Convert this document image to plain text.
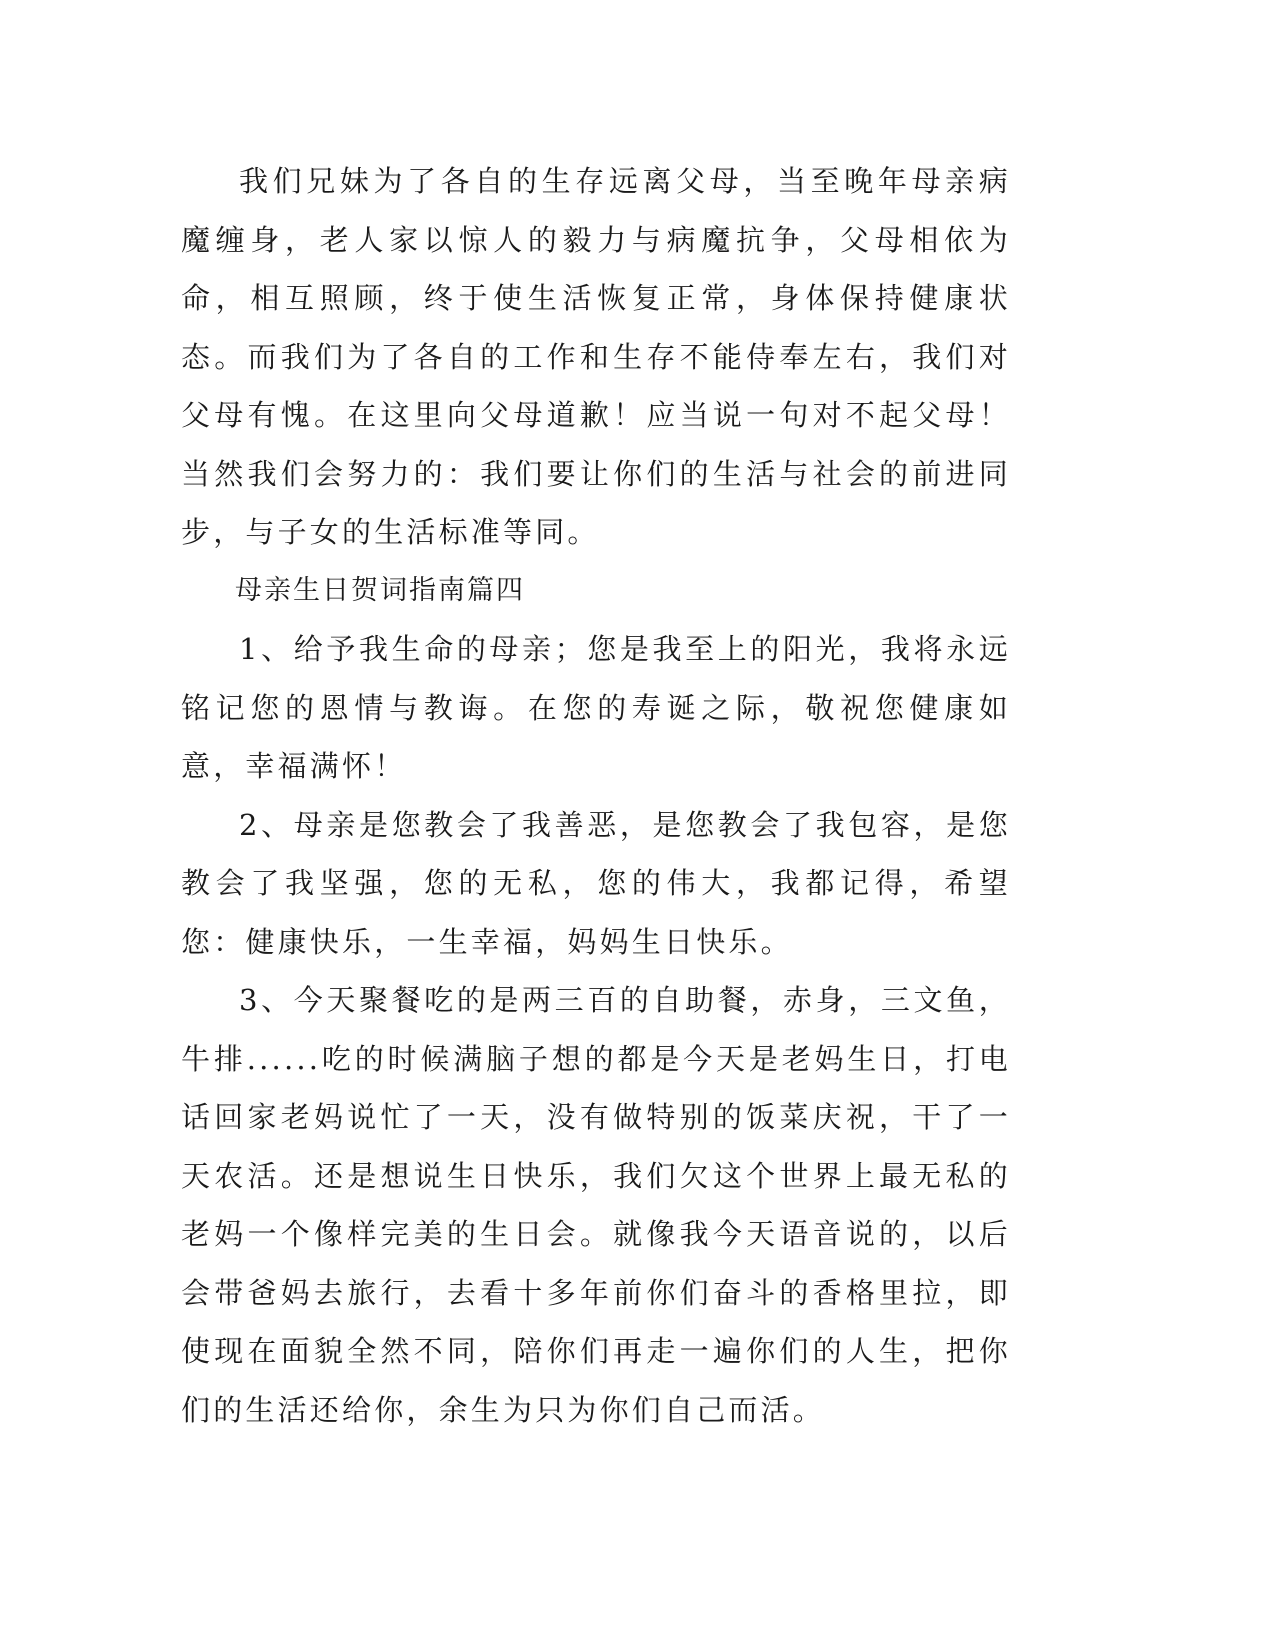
我们兄妹为了各自的生存远离父母，当至晚年母亲病魔缠身，老人家以惊人的毅力与病魔抗争，父母相依为命，相互照顾，终于使生活恢复正常，身体保持健康状态。而我们为了各自的工作和生存不能侍奉左右，我们对父母有愧。在这里向父母道歉！应当说一句对不起父母！当然我们会努力的：我们要让你们的生活与社会的前进同步，与子女的生活标准等同。

母亲生日贺词指南篇四

1、给予我生命的母亲；您是我至上的阳光，我将永远铭记您的恩情与教诲。在您的寿诞之际，敬祝您健康如意，幸福满怀！

2、母亲是您教会了我善恶，是您教会了我包容，是您教会了我坚强，您的无私，您的伟大，我都记得，希望您：健康快乐，一生幸福，妈妈生日快乐。

3、今天聚餐吃的是两三百的自助餐，赤身，三文鱼，牛排......吃的时候满脑子想的都是今天是老妈生日，打电话回家老妈说忙了一天，没有做特别的饭菜庆祝，干了一天农活。还是想说生日快乐，我们欠这个世界上最无私的老妈一个像样完美的生日会。就像我今天语音说的，以后会带爸妈去旅行，去看十多年前你们奋斗的香格里拉，即使现在面貌全然不同，陪你们再走一遍你们的人生，把你们的生活还给你，余生为只为你们自己而活。
